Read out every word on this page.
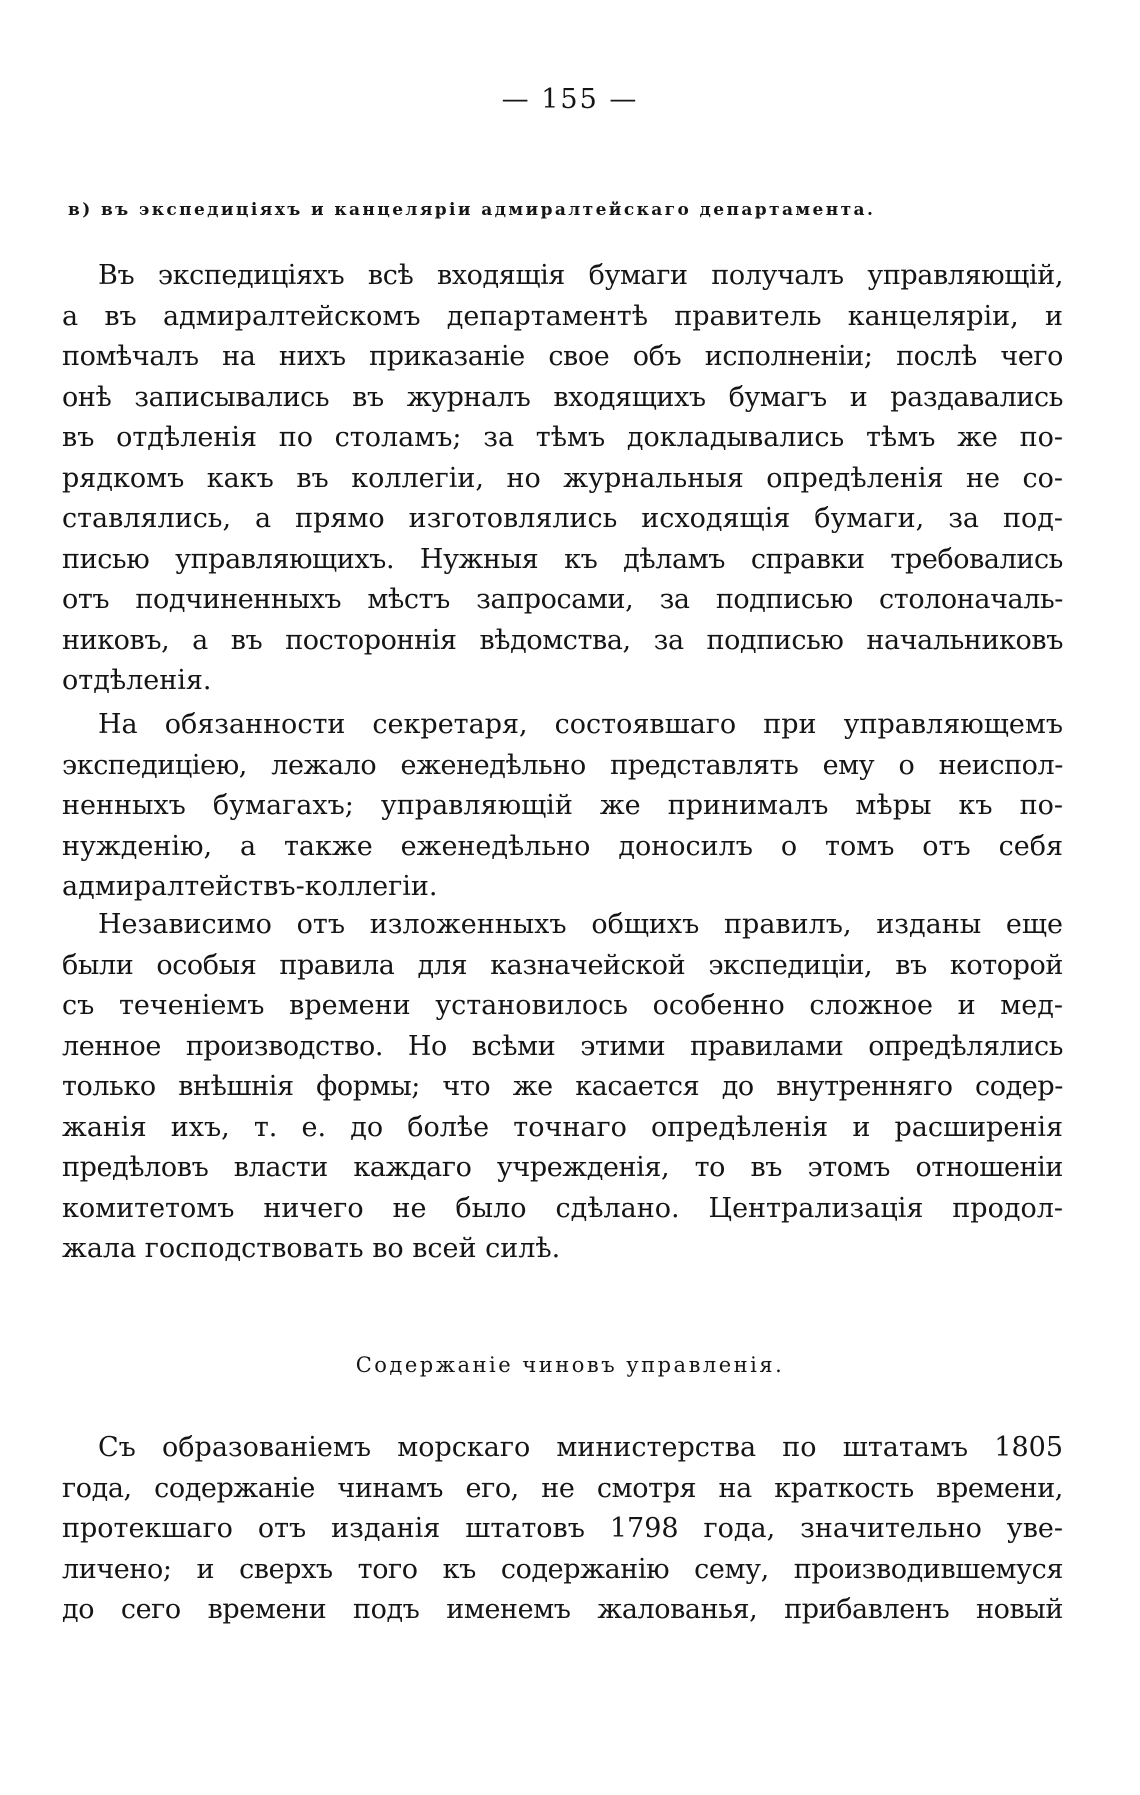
— 155 —
в) въ экспедицiяхъ и канцелярiи адмиралтейскаго департамента.
Въ экспедицiяхъ всѣ входящiя бумаги получалъ управляющiй,
а въ адмиралтейскомъ департаментѣ правитель канцелярiи, и
помѣчалъ на нихъ приказанiе свое объ исполненiи; послѣ чего
онѣ записывались въ журналъ входящихъ бумагъ и раздавались
въ отдѣленiя по столамъ; за тѣмъ докладывались тѣмъ же по-
рядкомъ какъ въ коллегiи, но журнальныя опредѣленiя не со-
ставлялись, а прямо изготовлялись исходящiя бумаги, за под-
писью управляющихъ. Нужныя къ дѣламъ справки требовались
отъ подчиненныхъ мѣстъ запросами, за подписью столоначаль-
никовъ, а въ постороннiя вѣдомства, за подписью начальниковъ
отдѣленiя.
На обязанности секретаря, состоявшаго при управляющемъ
экспедицiею, лежало еженедѣльно представлять ему о неиспол-
ненныхъ бумагахъ; управляющiй же принималъ мѣры къ по-
нужденiю, а также еженедѣльно доносилъ о томъ отъ себя
адмиралтействъ-коллегiи.
Независимо отъ изложенныхъ общихъ правилъ, изданы еще
были особыя правила для казначейской экспедицiи, въ которой
съ теченiемъ времени установилось особенно сложное и мед-
ленное производство. Но всѣми этими правилами опредѣлялись
только внѣшнiя формы; что же касается до внутренняго содер-
жанiя ихъ, т. е. до болѣе точнаго опредѣленiя и расширенiя
предѣловъ власти каждаго учрежденiя, то въ этомъ отношенiи
комитетомъ ничего не было сдѣлано. Централизацiя продол-
жала господствовать во всей силѣ.
Содержанiе чиновъ управленiя.
Съ образованiемъ морскаго министерства по штатамъ 1805
года, содержанiе чинамъ его, не смотря на краткость времени,
протекшаго отъ изданiя штатовъ 1798 года, значительно уве-
личено; и сверхъ того къ содержанiю сему, производившемуся
до сего времени подъ именемъ жалованья, прибавленъ новый
